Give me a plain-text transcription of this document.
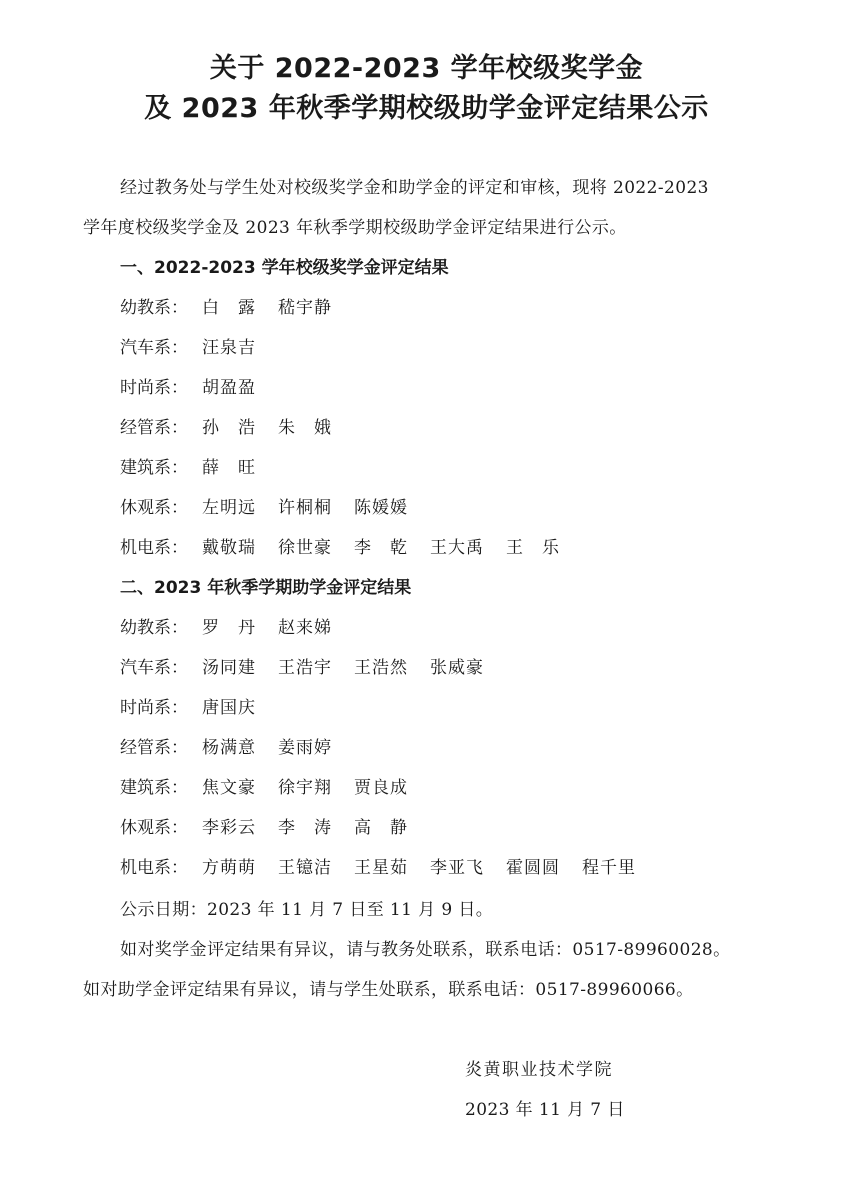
关于 2022-2023 学年校级奖学金
及 2023 年秋季学期校级助学金评定结果公示
经过教务处与学生处对校级奖学金和助学金的评定和审核，现将 2022-2023
学年度校级奖学金及 2023 年秋季学期校级助学金评定结果进行公示。
一、2022-2023 学年校级奖学金评定结果
幼教系： 白　露 嵇宇静
汽车系： 汪泉吉
时尚系： 胡盈盈
经管系： 孙　浩 朱　娥
建筑系： 薛　旺
休观系： 左明远 许桐桐 陈媛媛
机电系： 戴敬瑞 徐世豪 李　乾 王大禹 王　乐
二、2023 年秋季学期助学金评定结果
幼教系： 罗　丹 赵来娣
汽车系： 汤同建 王浩宇 王浩然 张威豪
时尚系： 唐国庆
经管系： 杨满意 姜雨婷
建筑系： 焦文豪 徐宇翔 贾良成
休观系： 李彩云 李　涛 高　静
机电系： 方萌萌 王镱洁 王星茹 李亚飞 霍圆圆 程千里
公示日期：2023 年 11 月 7 日至 11 月 9 日。
如对奖学金评定结果有异议，请与教务处联系，联系电话：0517-89960028。
如对助学金评定结果有异议，请与学生处联系，联系电话：0517-89960066。
炎黄职业技术学院
2023 年 11 月 7 日
